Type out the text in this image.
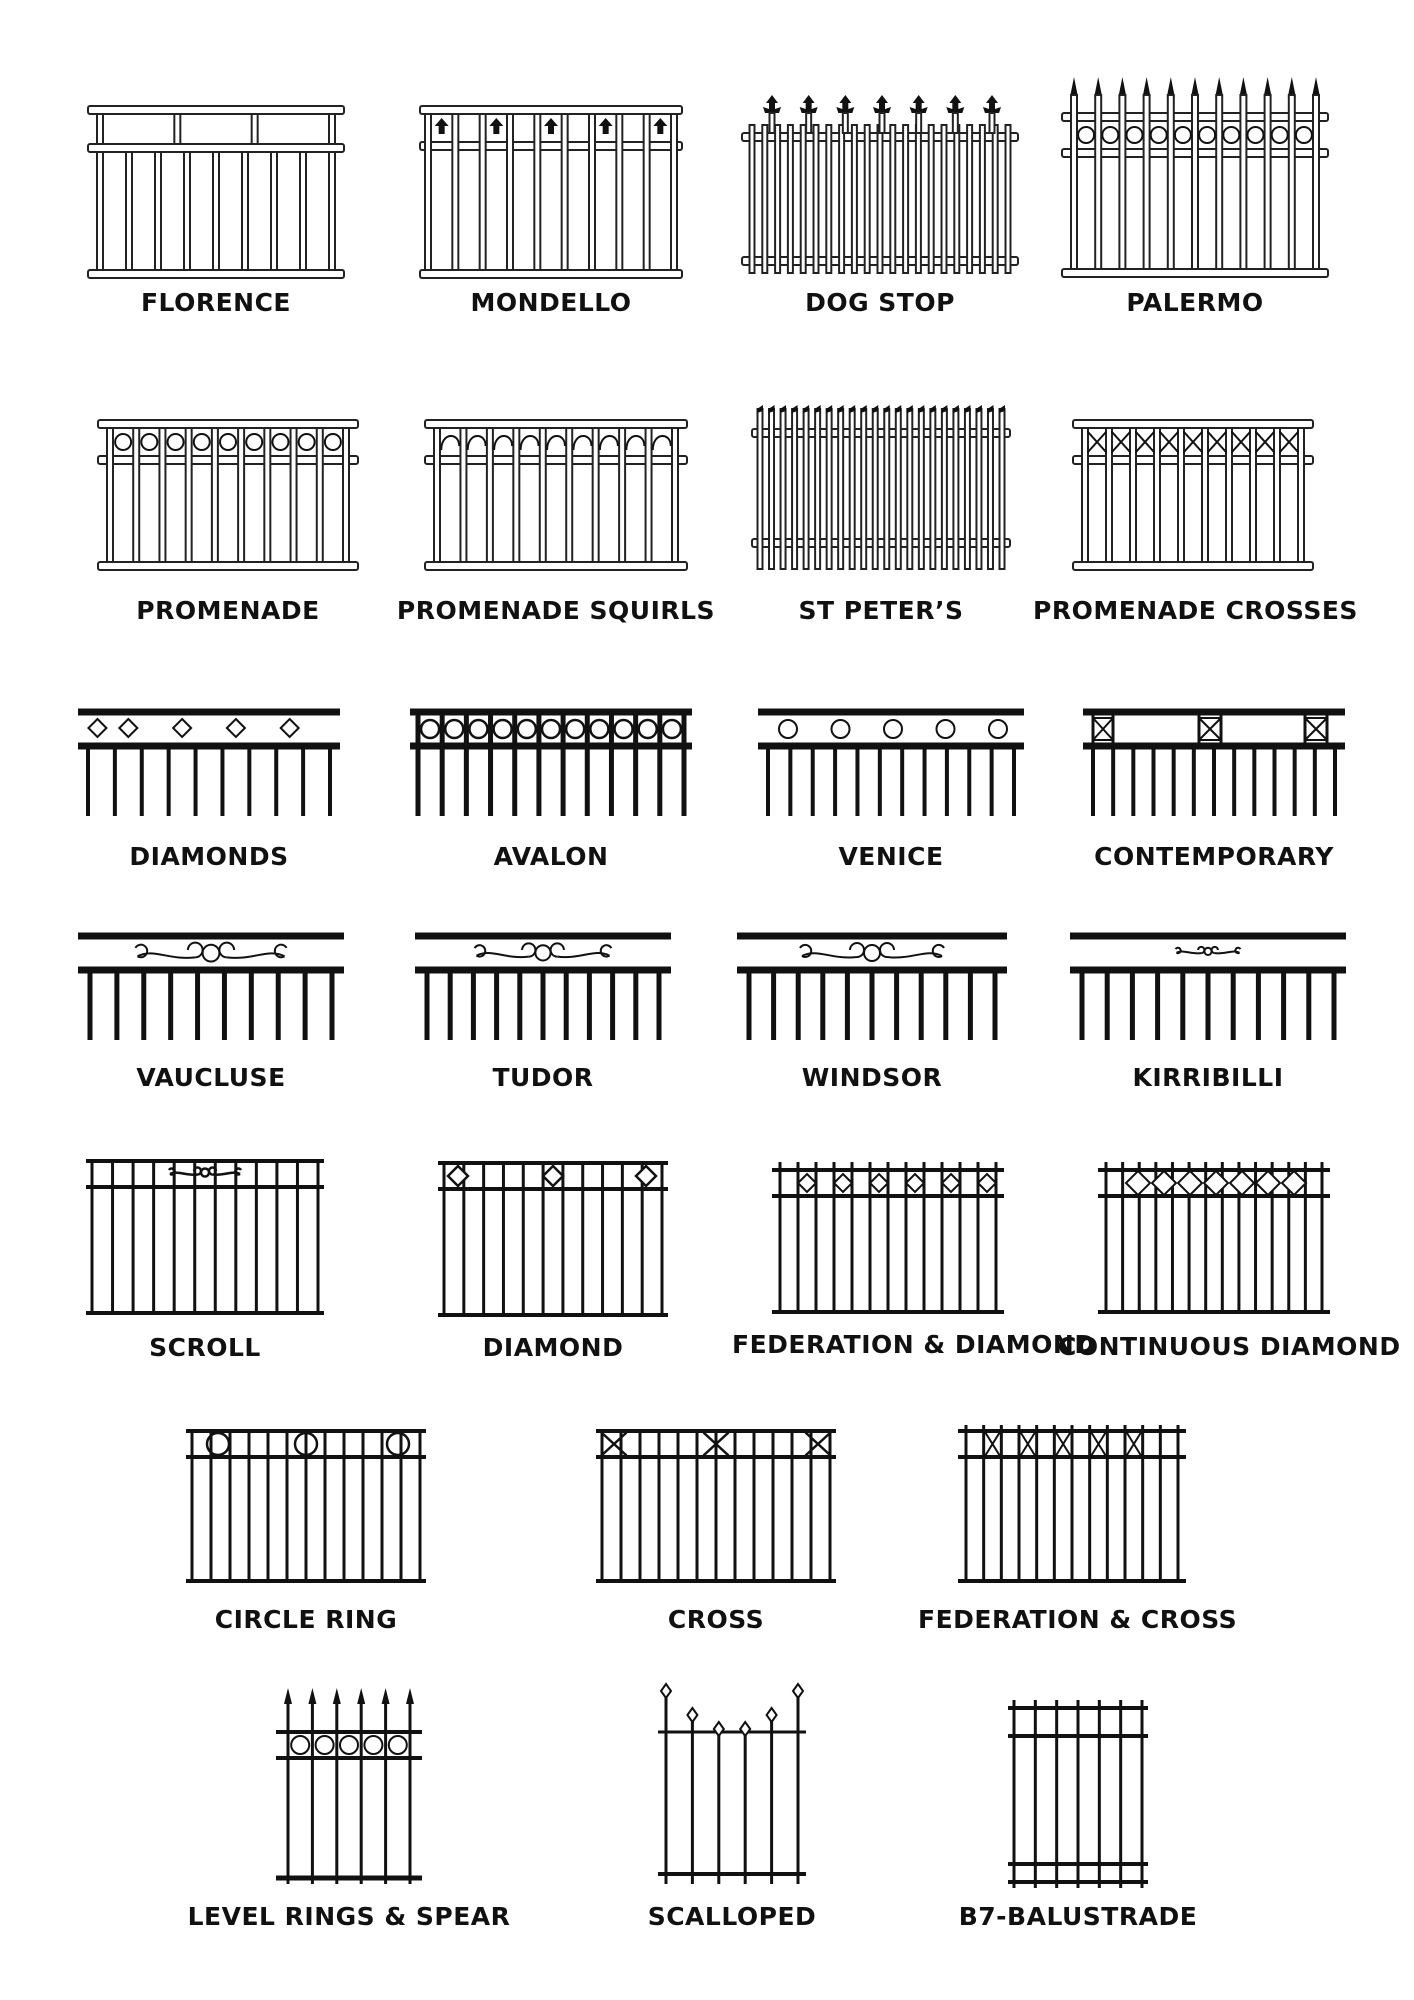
FLORENCE	MONDELLO	DOG STOP	PALERMO
PROMENADE	PROMENADE SQUIRLS	ST PETER’S	PROMENADE CROSSES
DIAMONDS	AVALON	VENICE	CONTEMPORARY
VAUCLUSE	TUDOR	WINDSOR	KIRRIBILLI
SCROLL	DIAMOND	FEDERATION & DIAMOND
CONTINUOUS DIAMOND
CIRCLE RING	CROSS	FEDERATION & CROSS
LEVEL RINGS & SPEAR	SCALLOPED	B7-BALUSTRADE
